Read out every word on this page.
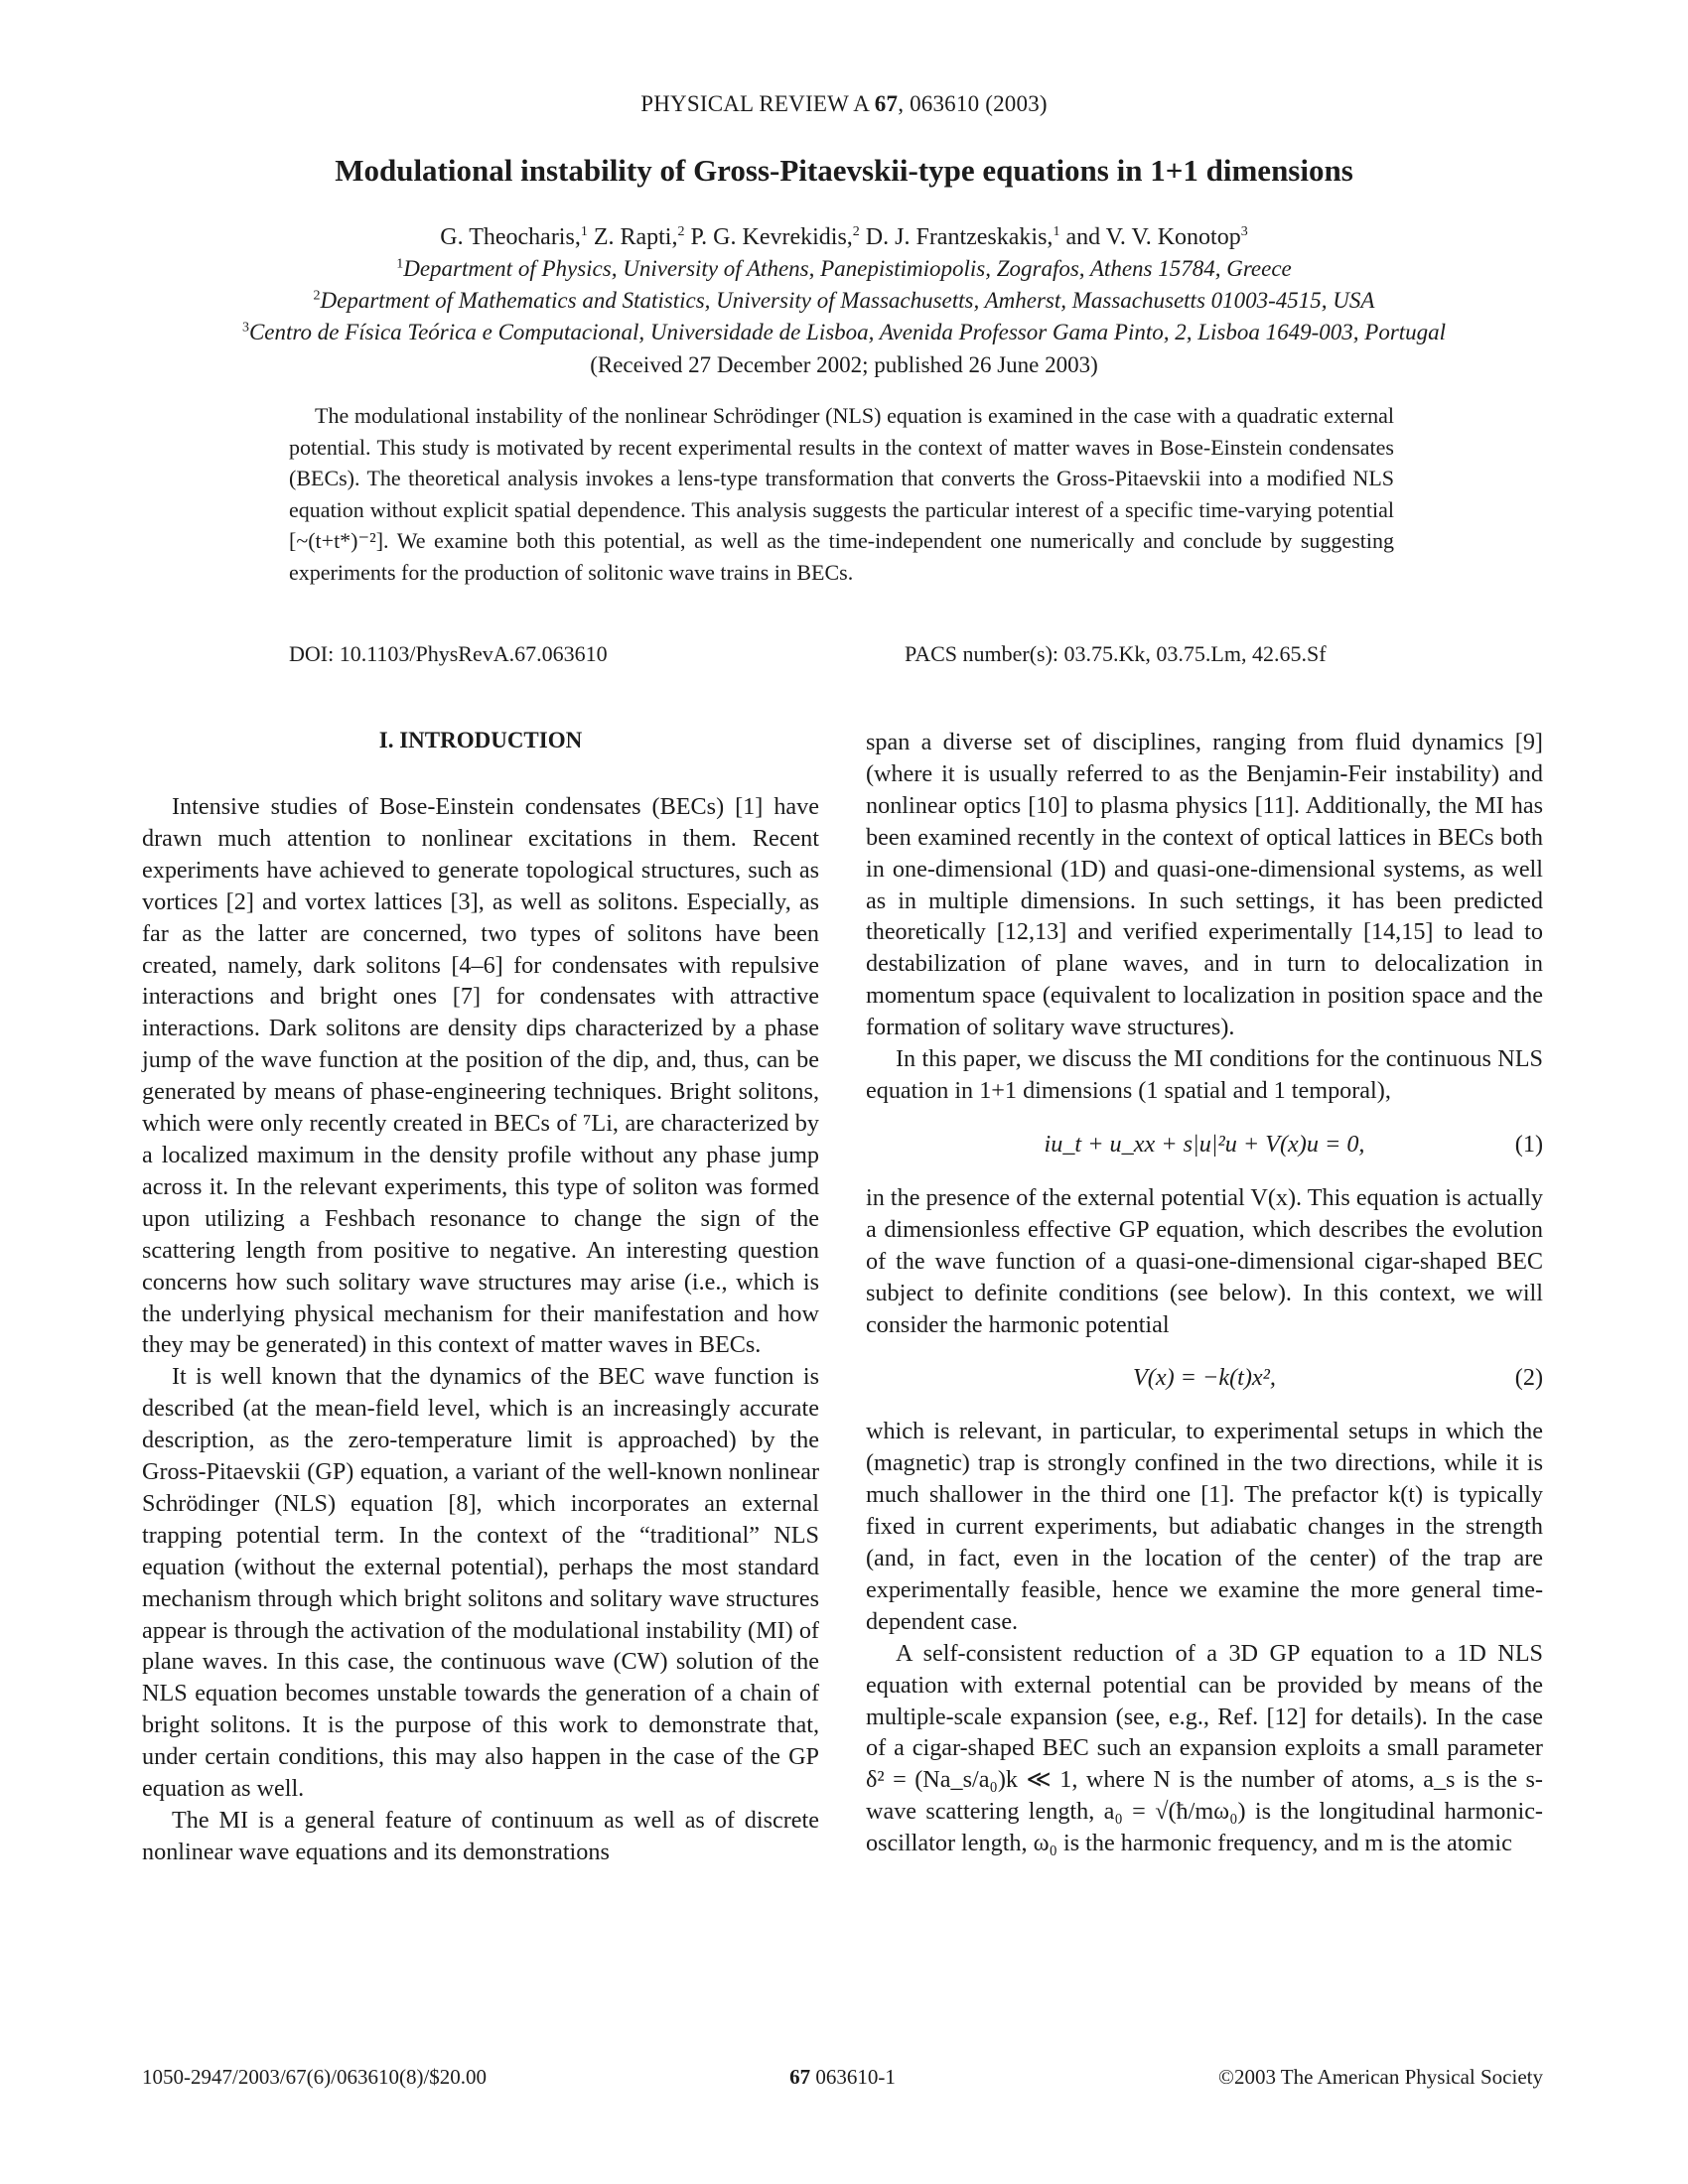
PHYSICAL REVIEW A 67, 063610 (2003)
Modulational instability of Gross-Pitaevskii-type equations in 1+1 dimensions
G. Theocharis,$^1$ Z. Rapti,$^2$ P. G. Kevrekidis,$^2$ D. J. Frantzeskakis,$^1$ and V. V. Konotop$^3$
$^1$Department of Physics, University of Athens, Panepistimiopolis, Zografos, Athens 15784, Greece
$^2$Department of Mathematics and Statistics, University of Massachusetts, Amherst, Massachusetts 01003-4515, USA
$^3$Centro de Física Teórica e Computacional, Universidade de Lisboa, Avenida Professor Gama Pinto, 2, Lisboa 1649-003, Portugal
(Received 27 December 2002; published 26 June 2003)

The modulational instability of the nonlinear Schrödinger (NLS) equation is examined in the case with a quadratic external potential. This study is motivated by recent experimental results in the context of matter waves in Bose-Einstein condensates (BECs). The theoretical analysis invokes a lens-type transformation that converts the Gross-Pitaevskii into a modified NLS equation without explicit spatial dependence. This analysis suggests the particular interest of a specific time-varying potential [~(t+t*)⁻²]. We examine both this potential, as well as the time-independent one numerically and conclude by suggesting experiments for the production of solitonic wave trains in BECs.

DOI: 10.1103/PhysRevA.67.063610	PACS number(s): 03.75.Kk, 03.75.Lm, 42.65.Sf
I. INTRODUCTION

Intensive studies of Bose-Einstein condensates (BECs) [1] have drawn much attention to nonlinear excitations in them. Recent experiments have achieved to generate topological structures, such as vortices [2] and vortex lattices [3], as well as solitons. Especially, as far as the latter are concerned, two types of solitons have been created, namely, dark solitons [4–6] for condensates with repulsive interactions and bright ones [7] for condensates with attractive interactions. Dark solitons are density dips characterized by a phase jump of the wave function at the position of the dip, and, thus, can be generated by means of phase-engineering techniques. Bright solitons, which were only recently created in BECs of ⁷Li, are characterized by a localized maximum in the density profile without any phase jump across it. In the relevant experiments, this type of soliton was formed upon utilizing a Feshbach resonance to change the sign of the scattering length from positive to negative. An interesting question concerns how such solitary wave structures may arise (i.e., which is the underlying physical mechanism for their manifestation and how they may be generated) in this context of matter waves in BECs.

It is well known that the dynamics of the BEC wave function is described (at the mean-field level, which is an increasingly accurate description, as the zero-temperature limit is approached) by the Gross-Pitaevskii (GP) equation, a variant of the well-known nonlinear Schrödinger (NLS) equation [8], which incorporates an external trapping potential term. In the context of the “traditional” NLS equation (without the external potential), perhaps the most standard mechanism through which bright solitons and solitary wave structures appear is through the activation of the modulational instability (MI) of plane waves. In this case, the continuous wave (CW) solution of the NLS equation becomes unstable towards the generation of a chain of bright solitons. It is the purpose of this work to demonstrate that, under certain conditions, this may also happen in the case of the GP equation as well.

The MI is a general feature of continuum as well as of discrete nonlinear wave equations and its demonstrations

span a diverse set of disciplines, ranging from fluid dynamics [9] (where it is usually referred to as the Benjamin-Feir instability) and nonlinear optics [10] to plasma physics [11]. Additionally, the MI has been examined recently in the context of optical lattices in BECs both in one-dimensional (1D) and quasi-one-dimensional systems, as well as in multiple dimensions. In such settings, it has been predicted theoretically [12,13] and verified experimentally [14,15] to lead to destabilization of plane waves, and in turn to delocalization in momentum space (equivalent to localization in position space and the formation of solitary wave structures).

In this paper, we discuss the MI conditions for the continuous NLS equation in 1+1 dimensions (1 spatial and 1 temporal),

iu_t + u_xx + s|u|²u + V(x)u = 0,	(1)

in the presence of the external potential V(x). This equation is actually a dimensionless effective GP equation, which describes the evolution of the wave function of a quasi-one-dimensional cigar-shaped BEC subject to definite conditions (see below). In this context, we will consider the harmonic potential

V(x) = −k(t)x²,	(2)

which is relevant, in particular, to experimental setups in which the (magnetic) trap is strongly confined in the two directions, while it is much shallower in the third one [1]. The prefactor k(t) is typically fixed in current experiments, but adiabatic changes in the strength (and, in fact, even in the location of the center) of the trap are experimentally feasible, hence we examine the more general time-dependent case.

A self-consistent reduction of a 3D GP equation to a 1D NLS equation with external potential can be provided by means of the multiple-scale expansion (see, e.g., Ref. [12] for details). In the case of a cigar-shaped BEC such an expansion exploits a small parameter δ² = (Na_s/a₀)k ≪ 1, where N is the number of atoms, a_s is the s-wave scattering length, a₀ = √(ħ/mω₀) is the longitudinal harmonic-oscillator length, ω₀ is the harmonic frequency, and m is the atomic

1050-2947/2003/67(6)/063610(8)/$20.00	67 063610-1	©2003 The American Physical Society
